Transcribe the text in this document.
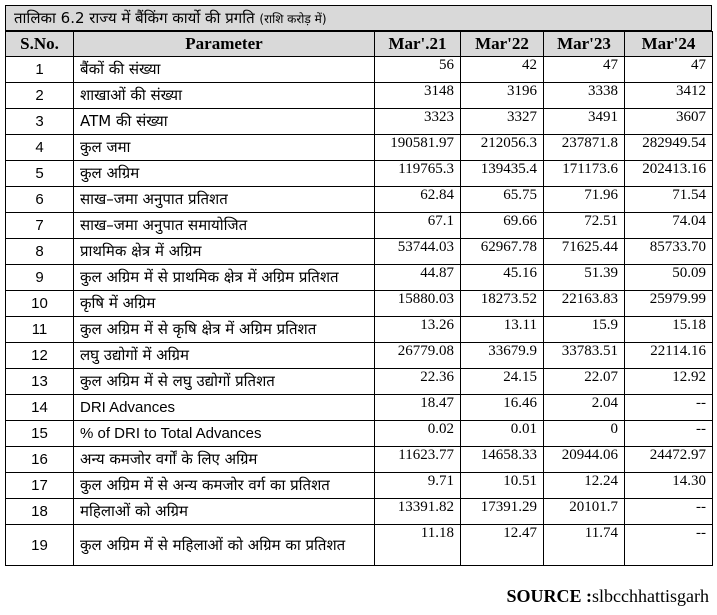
तालिका 6.2 राज्य में बैंकिंग कार्यो की प्रगति (राशि करोड़ में)
S.No.	Parameter	Mar'.21	Mar'22	Mar'23	Mar'24
1	बैंकों की संख्या	56	42	47	47
2	शाखाओं की संख्या	3148	3196	3338	3412
3	ATM की संख्या	3323	3327	3491	3607
4	कुल जमा	190581.97	212056.3	237871.8	282949.54
5	कुल अग्रिम	119765.3	139435.4	171173.6	202413.16
6	साख–जमा अनुपात प्रतिशत	62.84	65.75	71.96	71.54
7	साख–जमा अनुपात समायोजित	67.1	69.66	72.51	74.04
8	प्राथमिक क्षेत्र में अग्रिम	53744.03	62967.78	71625.44	85733.70
9	कुल अग्रिम में से प्राथमिक क्षेत्र में अग्रिम प्रतिशत	44.87	45.16	51.39	50.09
10	कृषि में अग्रिम	15880.03	18273.52	22163.83	25979.99
11	कुल अग्रिम में से कृषि क्षेत्र में अग्रिम प्रतिशत	13.26	13.11	15.9	15.18
12	लघु उद्योगों में अग्रिम	26779.08	33679.9	33783.51	22114.16
13	कुल अग्रिम में से लघु उद्योगों प्रतिशत	22.36	24.15	22.07	12.92
14	DRI Advances	18.47	16.46	2.04	--
15	% of DRI to Total Advances	0.02	0.01	0	--
16	अन्य कमजोर वर्गों के लिए अग्रिम	11623.77	14658.33	20944.06	24472.97
17	कुल अग्रिम में से अन्य कमजोर वर्ग का प्रतिशत	9.71	10.51	12.24	14.30
18	महिलाओं को अग्रिम	13391.82	17391.29	20101.7	--
19	कुल अग्रिम में से महिलाओं को अग्रिम का प्रतिशत	11.18	12.47	11.74	--
SOURCE :slbcchhattisgarh
